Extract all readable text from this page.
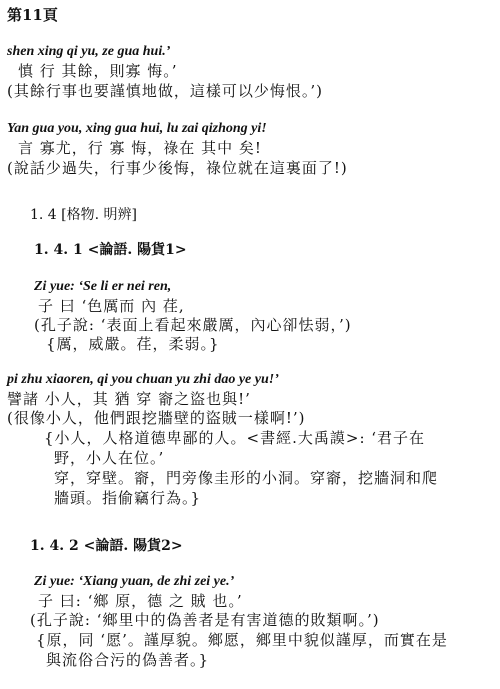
第11頁
shen xing qi yu, ze gua hui.’
慎 行 其餘，則寡 悔。’
(其餘行事也要謹慎地做，這樣可以少悔恨。’)
Yan gua you, xing gua hui, lu zai qizhong yi!
言 寡尤，行 寡 悔，祿在 其中 矣!
(說話少過失，行事少後悔，祿位就在這裏面了!)
1. 4 [格物. 明辨]
1. 4. 1 <論語. 陽貨1>
Zi yue: ‘Se li er nei ren,
子 曰 ‘色厲而 內 荏,
(孔子說: ‘表面上看起來嚴厲，內心卻怯弱，’)
{厲，威嚴。荏，柔弱。}
pi zhu xiaoren, qi you chuan yu zhi dao ye yu!’
譬諸 小人，其 猶 穿 窬之盜也與!’
(很像小人，他們跟挖牆壁的盜賊一樣啊!’)
{小人，人格道德卑鄙的人。<書經.大禹謨>: ‘君子在
野，小人在位。’
穿，穿壁。窬，門旁像圭形的小洞。穿窬，挖牆洞和爬
牆頭。指偷竊行為。}
1. 4. 2 <論語. 陽貨2>
Zi yue: ‘Xiang yuan, de zhi zei ye.’
子 曰: ‘鄉 原，德 之 賊 也。’
(孔子說: ‘鄉里中的偽善者是有害道德的敗類啊。’)
{原，同 ‘愿’。謹厚貌。鄉愿，鄉里中貌似謹厚，而實在是
與流俗合污的偽善者。}
